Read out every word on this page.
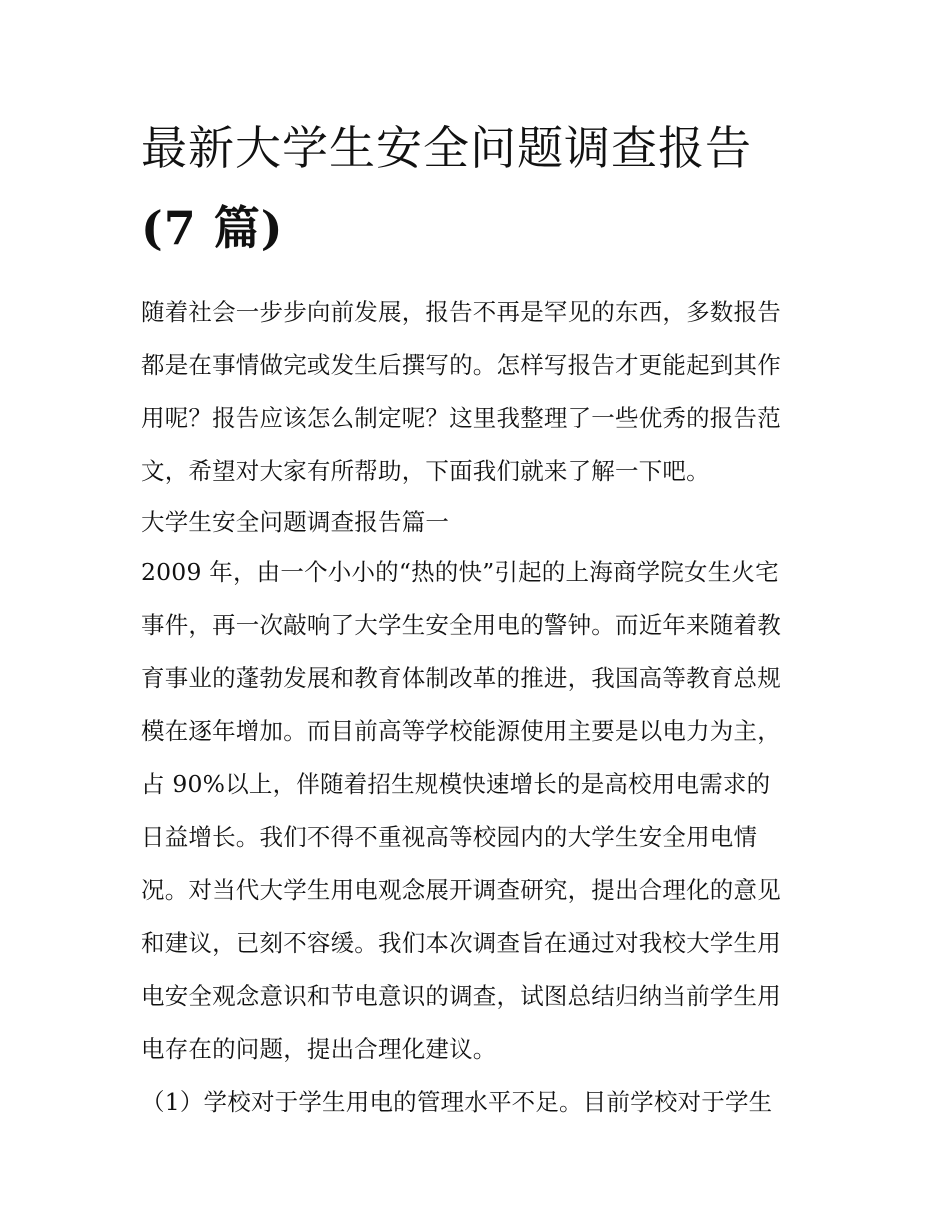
最新大学生安全问题调查报告
(7 篇)
随着社会一步步向前发展，报告不再是罕见的东西，多数报告
都是在事情做完或发生后撰写的。怎样写报告才更能起到其作
用呢？报告应该怎么制定呢？这里我整理了一些优秀的报告范
文，希望对大家有所帮助，下面我们就来了解一下吧。
大学生安全问题调查报告篇一
2009 年，由一个小小的“热的快”引起的上海商学院女生火宅
事件，再一次敲响了大学生安全用电的警钟。而近年来随着教
育事业的蓬勃发展和教育体制改革的推进，我国高等教育总规
模在逐年增加。而目前高等学校能源使用主要是以电力为主，
占 90%以上，伴随着招生规模快速增长的是高校用电需求的
日益增长。我们不得不重视高等校园内的大学生安全用电情
况。对当代大学生用电观念展开调查研究，提出合理化的意见
和建议，已刻不容缓。我们本次调查旨在通过对我校大学生用
电安全观念意识和节电意识的调查，试图总结归纳当前学生用
电存在的问题，提出合理化建议。
（1）学校对于学生用电的管理水平不足。目前学校对于学生
